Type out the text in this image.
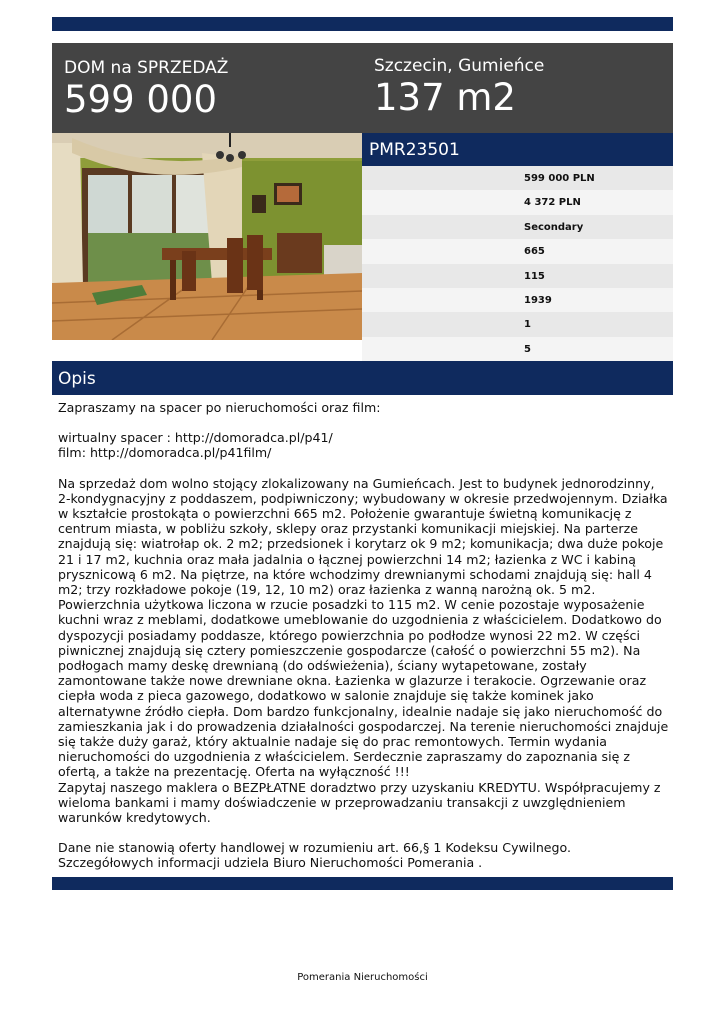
DOM na SPRZEDAŻ
599 000
Szczecin, Gumieńce
137 m2
PMR23501
599 000 PLN
4 372 PLN
Secondary
665
115
1939
1
5
Opis

Zapraszamy na spacer po nieruchomości oraz film:

wirtualny spacer : http://domoradca.pl/p41/
film: http://domoradca.pl/p41film/

Na sprzedaż dom wolno stojący zlokalizowany na Gumieńcach. Jest to budynek jednorodzinny, 2-kondygnacyjny z poddaszem, podpiwniczony; wybudowany w okresie przedwojennym. Działka w kształcie prostokąta o powierzchni 665 m2. Położenie gwarantuje świetną komunikację z centrum miasta, w pobliżu szkoły, sklepy oraz przystanki komunikacji miejskiej. Na parterze znajdują się: wiatrołap ok. 2 m2; przedsionek i korytarz ok 9 m2; komunikacja; dwa duże pokoje 21 i 17 m2, kuchnia oraz mała jadalnia o łącznej powierzchni 14 m2; łazienka z WC i kabiną prysznicową 6 m2. Na piętrze, na które wchodzimy drewnianymi schodami znajdują się: hall 4 m2; trzy rozkładowe pokoje (19, 12, 10 m2) oraz łazienka z wanną narożną ok. 5 m2. Powierzchnia użytkowa liczona w rzucie posadzki to 115 m2. W cenie pozostaje wyposażenie kuchni wraz z meblami, dodatkowe umeblowanie do uzgodnienia z właścicielem. Dodatkowo do dyspozycji posiadamy poddasze, którego powierzchnia po podłodze wynosi 22 m2. W części piwnicznej znajdują się cztery pomieszczenie gospodarcze (całość o powierzchni 55 m2). Na podłogach mamy deskę drewnianą (do odświeżenia), ściany wytapetowane, zostały zamontowane także nowe drewniane okna. Łazienka w glazurze i terakocie. Ogrzewanie oraz ciepła woda z pieca gazowego, dodatkowo w salonie znajduje się także kominek jako alternatywne źródło ciepła. Dom bardzo funkcjonalny, idealnie nadaje się jako nieruchomość do zamieszkania jak i do prowadzenia działalności gospodarczej. Na terenie nieruchomości znajduje się także duży garaż, który aktualnie nadaje się do prac remontowych. Termin wydania nieruchomości do uzgodnienia z właścicielem. Serdecznie zapraszamy do zapoznania się z ofertą, a także na prezentację. Oferta na wyłączność !!!
Zapytaj naszego maklera o BEZPŁATNE doradztwo przy uzyskaniu KREDYTU. Współpracujemy z wieloma bankami i mamy doświadczenie w przeprowadzaniu transakcji z uwzględnieniem warunków kredytowych.

Dane nie stanowią oferty handlowej w rozumieniu art. 66,§ 1 Kodeksu Cywilnego. Szczegółowych informacji udziela Biuro Nieruchomości Pomerania .

Pomerania Nieruchomości
